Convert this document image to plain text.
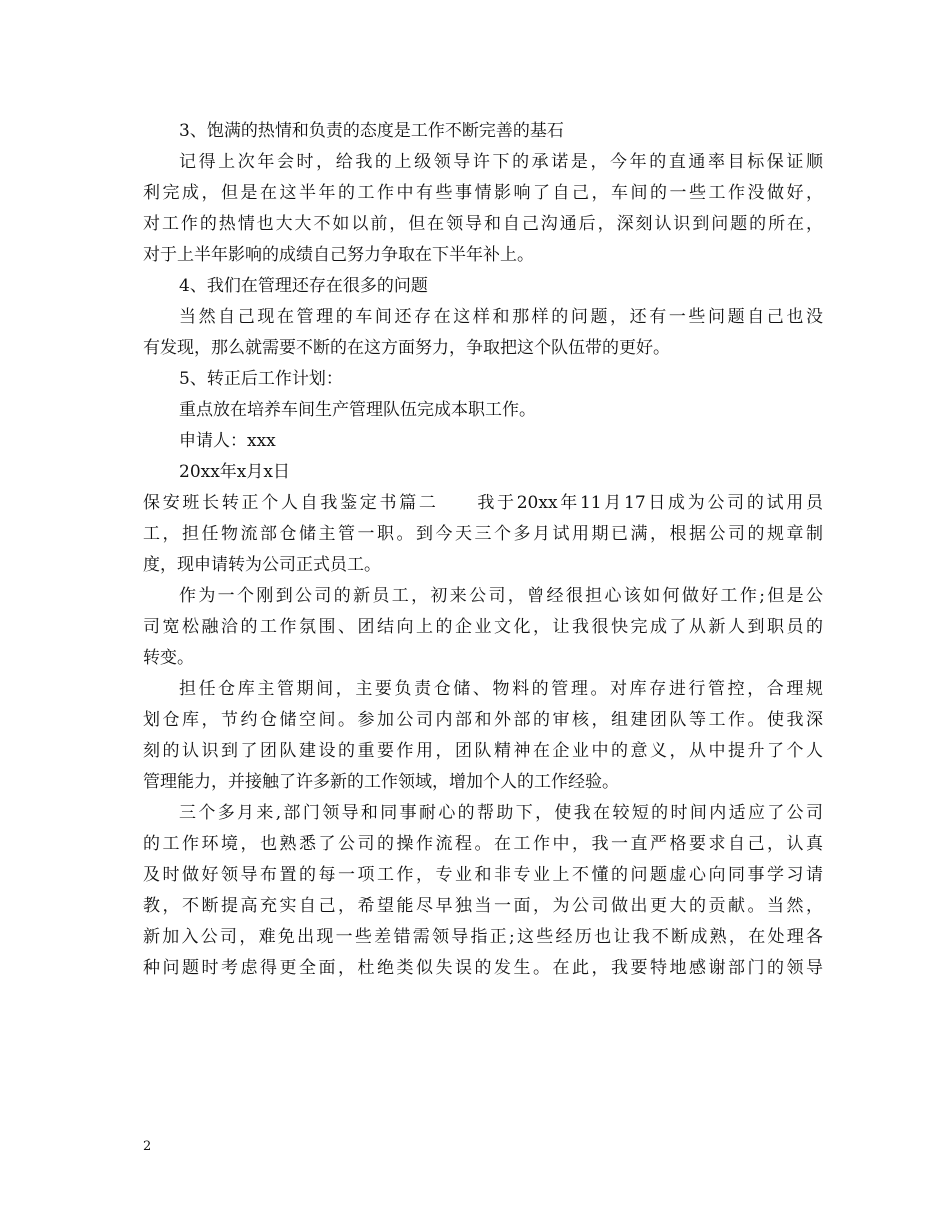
3、饱满的热情和负责的态度是工作不断完善的基石
记得上次年会时，给我的上级领导许下的承诺是，今年的直通率目标保证顺
利完成，但是在这半年的工作中有些事情影响了自己，车间的一些工作没做好，
对工作的热情也大大不如以前，但在领导和自己沟通后，深刻认识到问题的所在，
对于上半年影响的成绩自己努力争取在下半年补上。
4、我们在管理还存在很多的问题
当然自己现在管理的车间还存在这样和那样的问题，还有一些问题自己也没
有发现，那么就需要不断的在这方面努力，争取把这个队伍带的更好。
5、转正后工作计划：
重点放在培养车间生产管理队伍完成本职工作。
申请人：xxx
20xx年x月x日
保安班长转正个人自我鉴定书篇二 我于20xx年11月17日成为公司的试用员
工，担任物流部仓储主管一职。到今天三个多月试用期已满，根据公司的规章制
度，现申请转为公司正式员工。
作为一个刚到公司的新员工，初来公司，曾经很担心该如何做好工作;但是公
司宽松融洽的工作氛围、团结向上的企业文化，让我很快完成了从新人到职员的
转变。
担任仓库主管期间，主要负责仓储、物料的管理。对库存进行管控，合理规
划仓库，节约仓储空间。参加公司内部和外部的审核，组建团队等工作。使我深
刻的认识到了团队建设的重要作用，团队精神在企业中的意义，从中提升了个人
管理能力，并接触了许多新的工作领域，增加个人的工作经验。
三个多月来,部门领导和同事耐心的帮助下，使我在较短的时间内适应了公司
的工作环境，也熟悉了公司的操作流程。在工作中，我一直严格要求自己，认真
及时做好领导布置的每一项工作，专业和非专业上不懂的问题虚心向同事学习请
教，不断提高充实自己，希望能尽早独当一面，为公司做出更大的贡献。当然，
新加入公司，难免出现一些差错需领导指正;这些经历也让我不断成熟，在处理各
种问题时考虑得更全面，杜绝类似失误的发生。在此，我要特地感谢部门的领导
2
